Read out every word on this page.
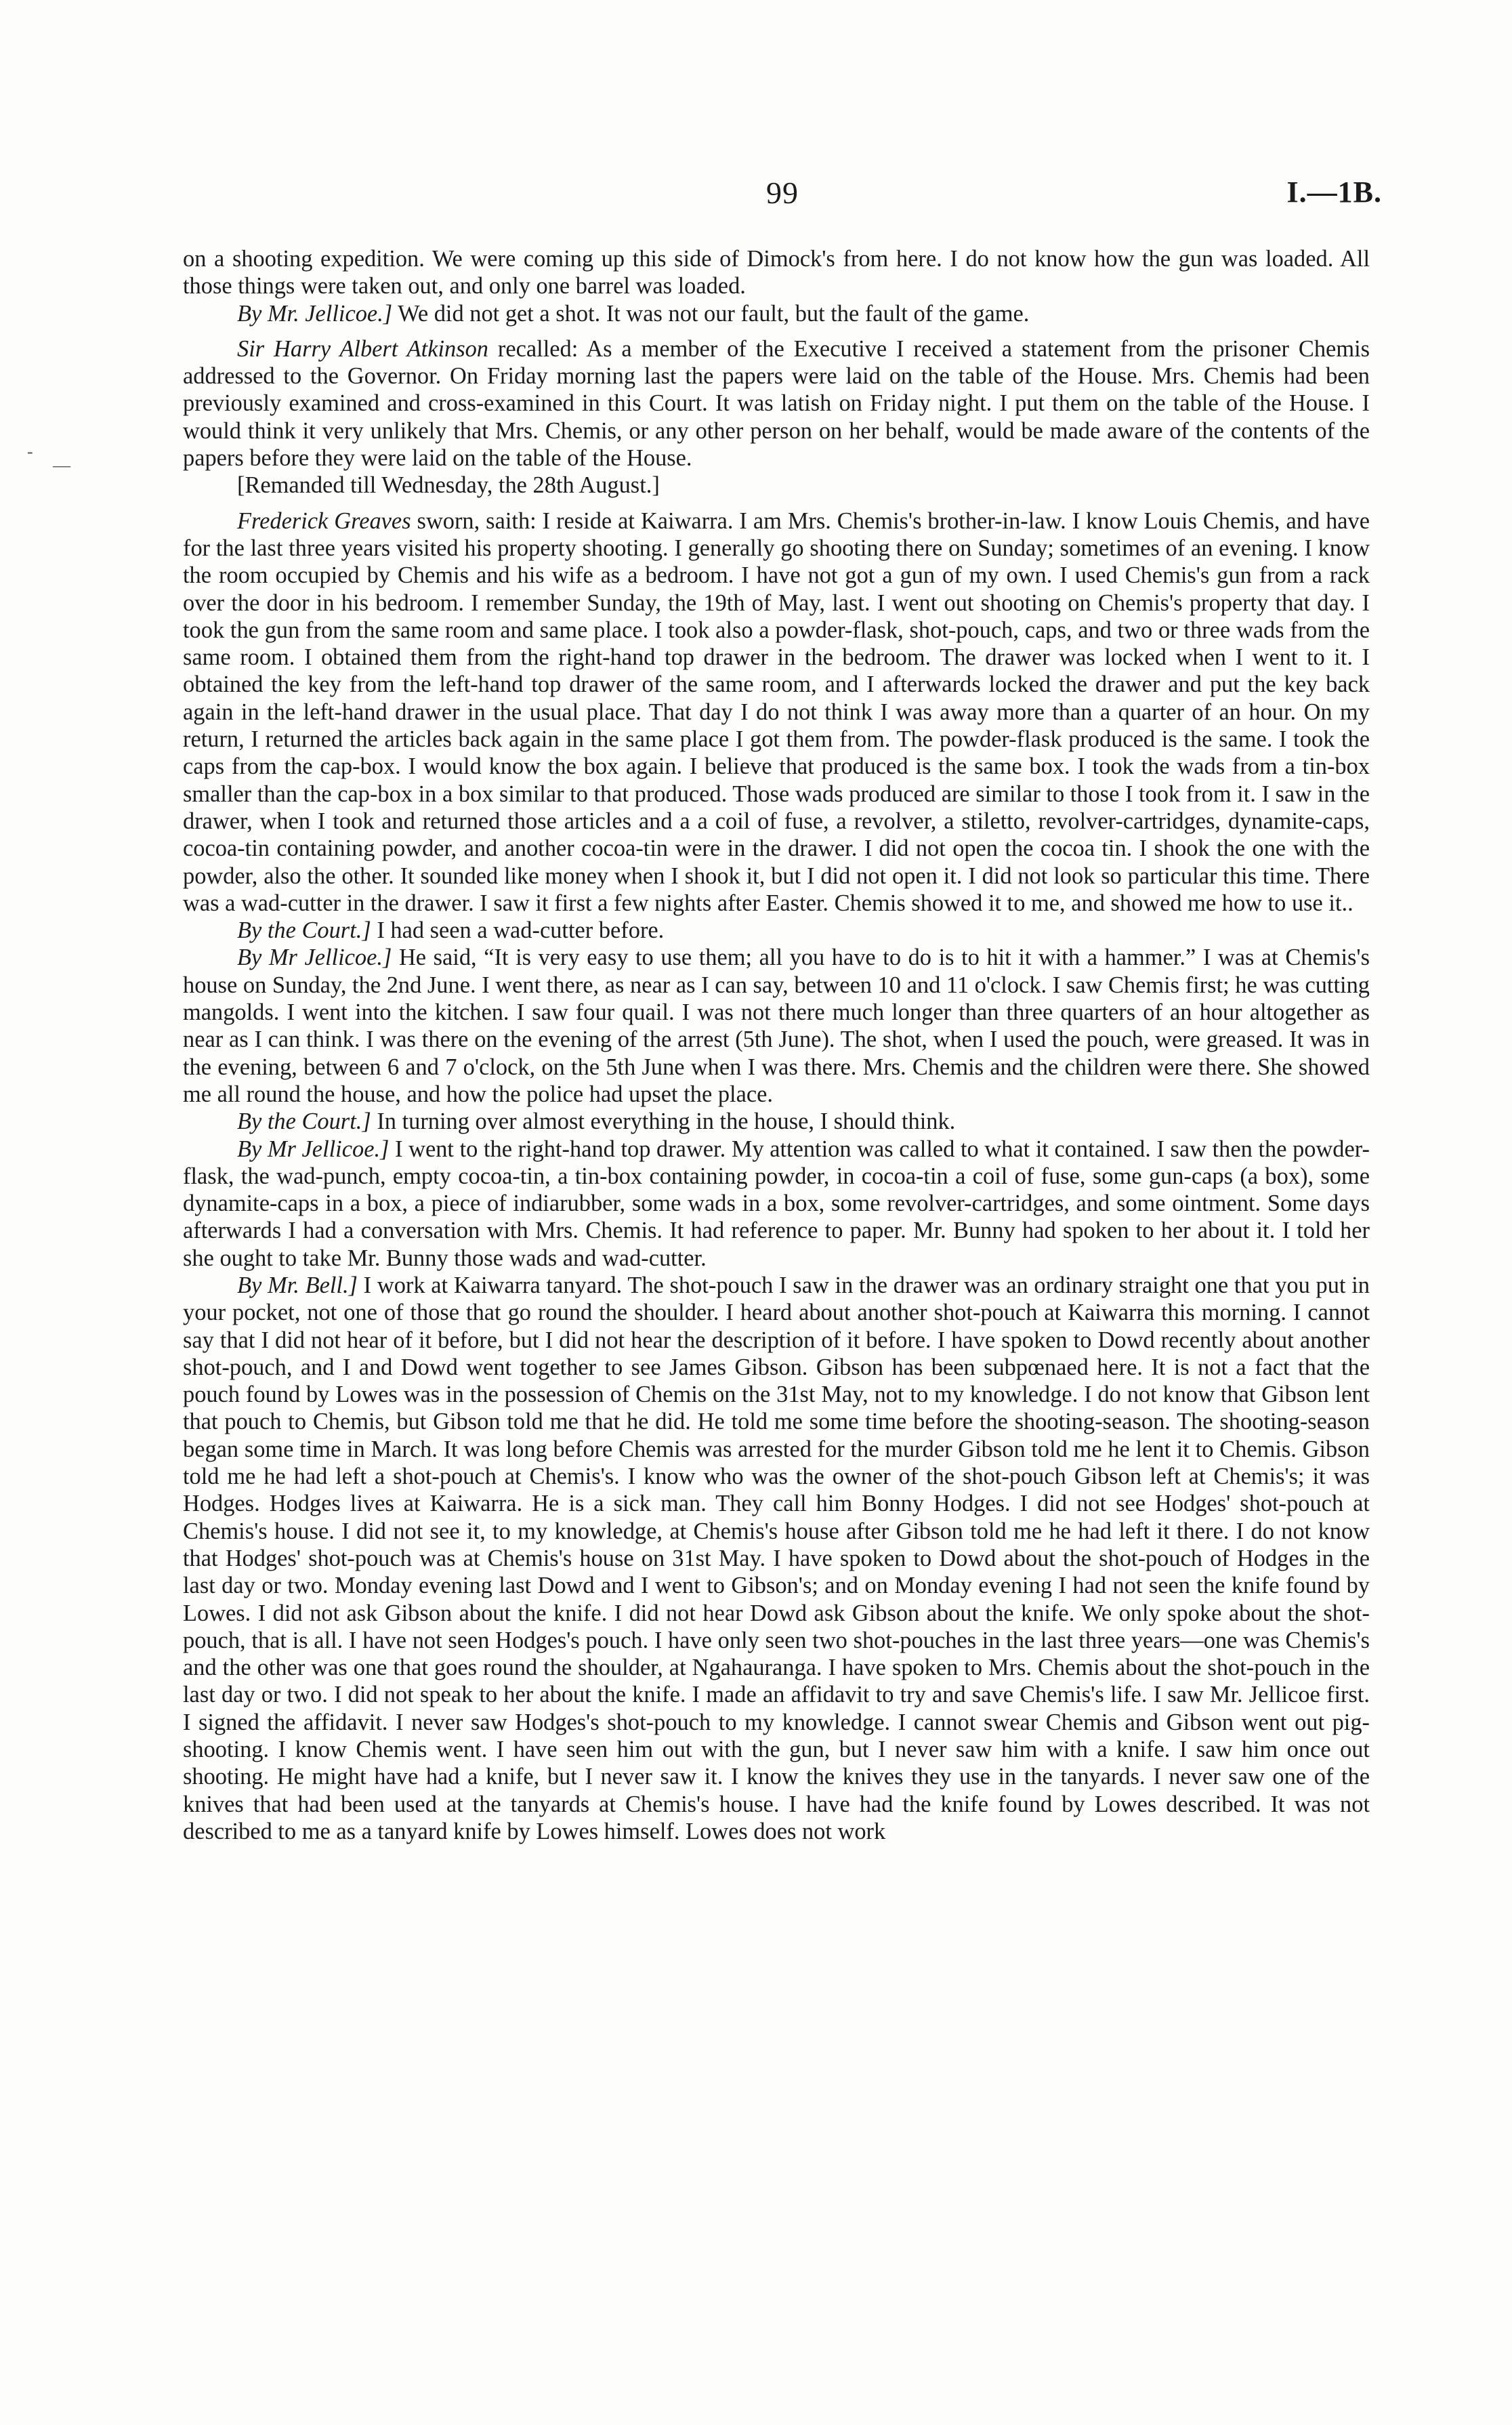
99	I.—1B.
-
—

on a shooting expedition. We were coming up this side of Dimock's from here. I do not know how the gun was loaded. All those things were taken out, and only one barrel was loaded.

By Mr. Jellicoe.] We did not get a shot. It was not our fault, but the fault of the game.

Sir Harry Albert Atkinson recalled: As a member of the Executive I received a statement from the prisoner Chemis addressed to the Governor. On Friday morning last the papers were laid on the table of the House. Mrs. Chemis had been previously examined and cross-examined in this Court. It was latish on Friday night. I put them on the table of the House. I would think it very unlikely that Mrs. Chemis, or any other person on her behalf, would be made aware of the contents of the papers before they were laid on the table of the House.

[Remanded till Wednesday, the 28th August.]

Frederick Greaves sworn, saith: I reside at Kaiwarra. I am Mrs. Chemis's brother-in-law. I know Louis Chemis, and have for the last three years visited his property shooting. I generally go shooting there on Sunday; sometimes of an evening. I know the room occupied by Chemis and his wife as a bedroom. I have not got a gun of my own. I used Chemis's gun from a rack over the door in his bedroom. I remember Sunday, the 19th of May, last. I went out shooting on Chemis's property that day. I took the gun from the same room and same place. I took also a powder-flask, shot-pouch, caps, and two or three wads from the same room. I obtained them from the right-hand top drawer in the bedroom. The drawer was locked when I went to it. I obtained the key from the left-hand top drawer of the same room, and I afterwards locked the drawer and put the key back again in the left-hand drawer in the usual place. That day I do not think I was away more than a quarter of an hour. On my return, I returned the articles back again in the same place I got them from. The powder-flask produced is the same. I took the caps from the cap-box. I would know the box again. I believe that produced is the same box. I took the wads from a tin-box smaller than the cap-box in a box similar to that produced. Those wads produced are similar to those I took from it. I saw in the drawer, when I took and returned those articles and a a coil of fuse, a revolver, a stiletto, revolver-cartridges, dynamite-caps, cocoa-tin containing powder, and another cocoa-tin were in the drawer. I did not open the cocoa tin. I shook the one with the powder, also the other. It sounded like money when I shook it, but I did not open it. I did not look so particular this time. There was a wad-cutter in the drawer. I saw it first a few nights after Easter. Chemis showed it to me, and showed me how to use it..

By the Court.] I had seen a wad-cutter before.

By Mr Jellicoe.] He said, “It is very easy to use them; all you have to do is to hit it with a hammer.” I was at Chemis's house on Sunday, the 2nd June. I went there, as near as I can say, between 10 and 11 o'clock. I saw Chemis first; he was cutting mangolds. I went into the kitchen. I saw four quail. I was not there much longer than three quarters of an hour altogether as near as I can think. I was there on the evening of the arrest (5th June). The shot, when I used the pouch, were greased. It was in the evening, between 6 and 7 o'clock, on the 5th June when I was there. Mrs. Chemis and the children were there. She showed me all round the house, and how the police had upset the place.

By the Court.] In turning over almost everything in the house, I should think.

By Mr Jellicoe.] I went to the right-hand top drawer. My attention was called to what it contained. I saw then the powder-flask, the wad-punch, empty cocoa-tin, a tin-box containing powder, in cocoa-tin a coil of fuse, some gun-caps (a box), some dynamite-caps in a box, a piece of indiarubber, some wads in a box, some revolver-cartridges, and some ointment. Some days afterwards I had a conversation with Mrs. Chemis. It had reference to paper. Mr. Bunny had spoken to her about it. I told her she ought to take Mr. Bunny those wads and wad-cutter.

By Mr. Bell.] I work at Kaiwarra tanyard. The shot-pouch I saw in the drawer was an ordinary straight one that you put in your pocket, not one of those that go round the shoulder. I heard about another shot-pouch at Kaiwarra this morning. I cannot say that I did not hear of it before, but I did not hear the description of it before. I have spoken to Dowd recently about another shot-pouch, and I and Dowd went together to see James Gibson. Gibson has been subpœnaed here. It is not a fact that the pouch found by Lowes was in the possession of Chemis on the 31st May, not to my knowledge. I do not know that Gibson lent that pouch to Chemis, but Gibson told me that he did. He told me some time before the shooting-season. The shooting-season began some time in March. It was long before Chemis was arrested for the murder Gibson told me he lent it to Chemis. Gibson told me he had left a shot-pouch at Chemis's. I know who was the owner of the shot-pouch Gibson left at Chemis's; it was Hodges. Hodges lives at Kaiwarra. He is a sick man. They call him Bonny Hodges. I did not see Hodges' shot-pouch at Chemis's house. I did not see it, to my knowledge, at Chemis's house after Gibson told me he had left it there. I do not know that Hodges' shot-pouch was at Chemis's house on 31st May. I have spoken to Dowd about the shot-pouch of Hodges in the last day or two. Monday evening last Dowd and I went to Gibson's; and on Monday evening I had not seen the knife found by Lowes. I did not ask Gibson about the knife. I did not hear Dowd ask Gibson about the knife. We only spoke about the shot-pouch, that is all. I have not seen Hodges's pouch. I have only seen two shot-pouches in the last three years—one was Chemis's and the other was one that goes round the shoulder, at Ngahauranga. I have spoken to Mrs. Chemis about the shot-pouch in the last day or two. I did not speak to her about the knife. I made an affidavit to try and save Chemis's life. I saw Mr. Jellicoe first. I signed the affidavit. I never saw Hodges's shot-pouch to my knowledge. I cannot swear Chemis and Gibson went out pig-shooting. I know Chemis went. I have seen him out with the gun, but I never saw him with a knife. I saw him once out shooting. He might have had a knife, but I never saw it. I know the knives they use in the tanyards. I never saw one of the knives that had been used at the tanyards at Chemis's house. I have had the knife found by Lowes described. It was not described to me as a tanyard knife by Lowes himself. Lowes does not work
